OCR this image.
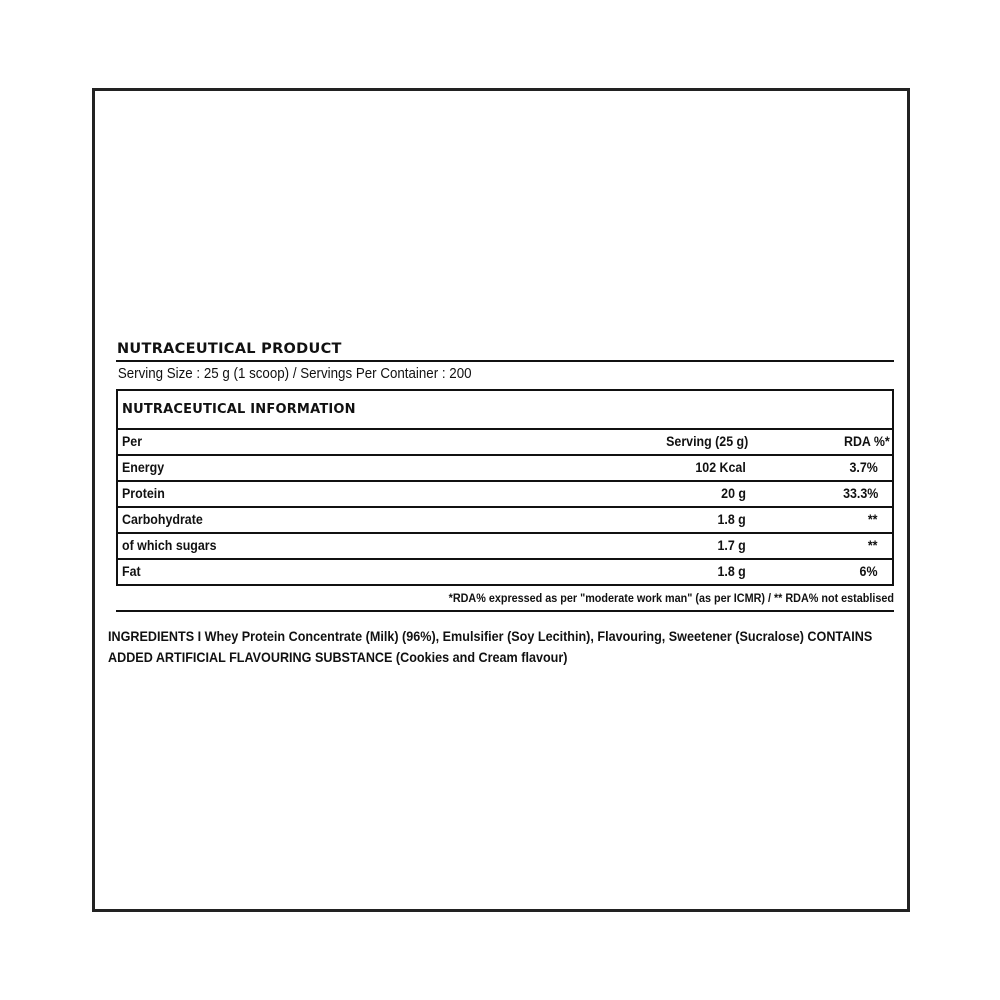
NUTRACEUTICAL PRODUCT
Serving Size : 25 g (1 scoop) / Servings Per Container : 200
NUTRACEUTICAL INFORMATION
Per	Serving (25 g)	RDA %*
Energy	102 Kcal	3.7%
Protein	20 g	33.3%
Carbohydrate	1.8 g	**
of which sugars	1.7 g	**
Fat	1.8 g	6%
*RDA% expressed as per "moderate work man" (as per ICMR) / ** RDA% not establised
INGREDIENTS I Whey Protein Concentrate (Milk) (96%), Emulsifier (Soy Lecithin), Flavouring, Sweetener (Sucralose) CONTAINS
ADDED ARTIFICIAL FLAVOURING SUBSTANCE (Cookies and Cream flavour)
